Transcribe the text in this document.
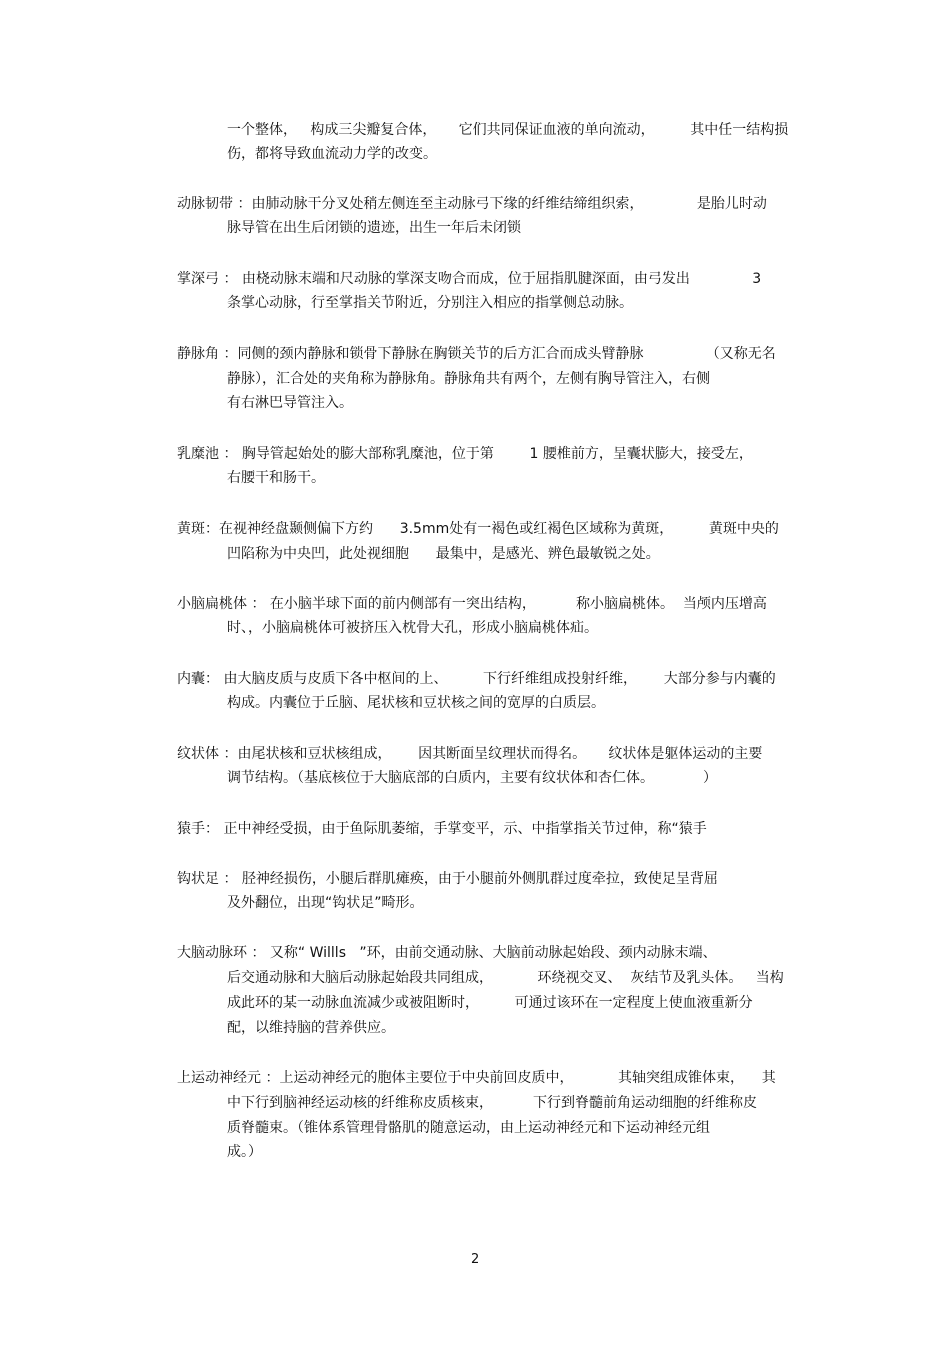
一个整体，   构成三尖瓣复合体，     它们共同保证血液的单向流动，        其中任一结构损
伤，都将导致血流动力学的改变。
动脉韧带 ：由肺动脉干分叉处稍左侧连至主动脉弓下缘的纤维结缔组织索，            是胎儿时动
脉导管在出生后闭锁的遗迹，出生一年后未闭锁
掌深弓 ： 由桡动脉末端和尺动脉的掌深支吻合而成，位于屈指肌腱深面，由弓发出              3
条掌心动脉，行至掌指关节附近，分别注入相应的指掌侧总动脉。
静脉角 ：同侧的颈内静脉和锁骨下静脉在胸锁关节的后方汇合而成头臂静脉              （又称无名
静脉），汇合处的夹角称为静脉角。静脉角共有两个，左侧有胸导管注入，右侧
有右淋巴导管注入。
乳糜池 ： 胸导管起始处的膨大部称乳糜池，位于第        1 腰椎前方，呈囊状膨大，接受左，
右腰干和肠干。
黄斑：在视神经盘颞侧偏下方约      3.5mm处有一褐色或红褐色区域称为黄斑，        黄斑中央的
凹陷称为中央凹，此处视细胞      最集中，是感光、辨色最敏锐之处。
小脑扁桃体 ： 在小脑半球下面的前内侧部有一突出结构，         称小脑扁桃体。  当颅内压增高
时、，小脑扁桃体可被挤压入枕骨大孔，形成小脑扁桃体疝。
内囊： 由大脑皮质与皮质下各中枢间的上、        下行纤维组成投射纤维，      大部分参与内囊的
构成。内囊位于丘脑、尾状核和豆状核之间的宽厚的白质层。
纹状体 ：由尾状核和豆状核组成，      因其断面呈纹理状而得名。     纹状体是躯体运动的主要
调节结构。（基底核位于大脑底部的白质内，主要有纹状体和杏仁体。           ）
猿手： 正中神经受损，由于鱼际肌萎缩，手掌变平，示、中指掌指关节过伸，称“猿手
钩状足 ： 胫神经损伤，小腿后群肌瘫痪，由于小腿前外侧肌群过度牵拉，致使足呈背屈
及外翻位，出现“钩状足”畸形。
大脑动脉环 ： 又称“ Willls   ”环，由前交通动脉、大脑前动脉起始段、颈内动脉末端、
后交通动脉和大脑后动脉起始段共同组成，          环绕视交叉、  灰结节及乳头体。   当构
成此环的某一动脉血流减少或被阻断时，        可通过该环在一定程度上使血液重新分
配，以维持脑的营养供应。
上运动神经元 ：上运动神经元的胞体主要位于中央前回皮质中，          其轴突组成锥体束，    其
中下行到脑神经运动核的纤维称皮质核束，         下行到脊髓前角运动细胞的纤维称皮
质脊髓束。（锥体系管理骨骼肌的随意运动，由上运动神经元和下运动神经元组
成。）
2
